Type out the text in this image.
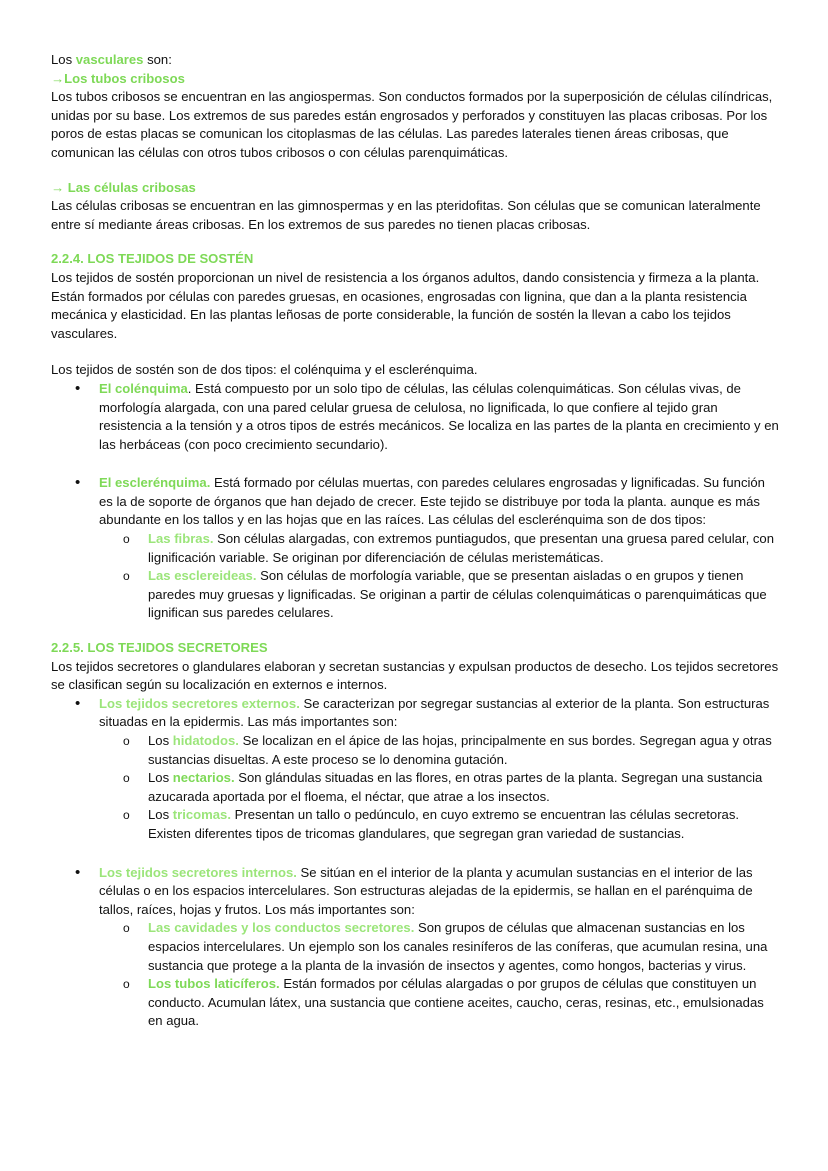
Los vasculares son:

→Los tubos cribosos

Los tubos cribosos se encuentran en las angiospermas. Son conductos formados por la superposición de células cilíndricas, unidas por su base. Los extremos de sus paredes están engrosados y perforados y constituyen las placas cribosas. Por los poros de estas placas se comunican los citoplasmas de las células. Las paredes laterales tienen áreas cribosas, que comunican las células con otros tubos cribosos o con células parenquimáticas.

→ Las células cribosas

Las células cribosas se encuentran en las gimnospermas y en las pteridofitas. Son células que se comunican lateralmente entre sí mediante áreas cribosas. En los extremos de sus paredes no tienen placas cribosas.

2.2.4. LOS TEJIDOS DE SOSTÉN

Los tejidos de sostén proporcionan un nivel de resistencia a los órganos adultos, dando consistencia y firmeza a la planta. Están formados por células con paredes gruesas, en ocasiones, engrosadas con lignina, que dan a la planta resistencia mecánica y elasticidad. En las plantas leñosas de porte considerable, la función de sostén la llevan a cabo los tejidos vasculares.

Los tejidos de sostén son de dos tipos: el colénquima y el esclerénquima.

• El colénquima. Está compuesto por un solo tipo de células, las células colenquimáticas. Son células vivas, de morfología alargada, con una pared celular gruesa de celulosa, no lignificada, lo que confiere al tejido gran resistencia a la tensión y a otros tipos de estrés mecánicos. Se localiza en las partes de la planta en crecimiento y en las herbáceas (con poco crecimiento secundario).
• El esclerénquima. Está formado por células muertas, con paredes celulares engrosadas y lignificadas. Su función es la de soporte de órganos que han dejado de crecer. Este tejido se distribuye por toda la planta. aunque es más abundante en los tallos y en las hojas que en las raíces. Las células del esclerénquima son de dos tipos:
o Las fibras. Son células alargadas, con extremos puntiagudos, que presentan una gruesa pared celular, con lignificación variable. Se originan por diferenciación de células meristemáticas.
o Las esclereideas. Son células de morfología variable, que se presentan aisladas o en grupos y tienen paredes muy gruesas y lignificadas. Se originan a partir de células colenquimáticas o parenquimáticas que lignifican sus paredes celulares.

2.2.5. LOS TEJIDOS SECRETORES

Los tejidos secretores o glandulares elaboran y secretan sustancias y expulsan productos de desecho. Los tejidos secretores se clasifican según su localización en externos e internos.

• Los tejidos secretores externos. Se caracterizan por segregar sustancias al exterior de la planta. Son estructuras situadas en la epidermis. Las más importantes son:
o Los hidatodos. Se localizan en el ápice de las hojas, principalmente en sus bordes. Segregan agua y otras sustancias disueltas. A este proceso se lo denomina gutación.
o Los nectarios. Son glándulas situadas en las flores, en otras partes de la planta. Segregan una sustancia azucarada aportada por el floema, el néctar, que atrae a los insectos.
o Los tricomas. Presentan un tallo o pedúnculo, en cuyo extremo se encuentran las células secretoras. Existen diferentes tipos de tricomas glandulares, que segregan gran variedad de sustancias.
• Los tejidos secretores internos. Se sitúan en el interior de la planta y acumulan sustancias en el interior de las células o en los espacios intercelulares. Son estructuras alejadas de la epidermis, se hallan en el parénquima de tallos, raíces, hojas y frutos. Los más importantes son:
o Las cavidades y los conductos secretores. Son grupos de células que almacenan sustancias en los espacios intercelulares. Un ejemplo son los canales resiníferos de las coníferas, que acumulan resina, una sustancia que protege a la planta de la invasión de insectos y agentes, como hongos, bacterias y virus.
o Los tubos laticíferos. Están formados por células alargadas o por grupos de células que constituyen un conducto. Acumulan látex, una sustancia que contiene aceites, caucho, ceras, resinas, etc., emulsionadas en agua.
